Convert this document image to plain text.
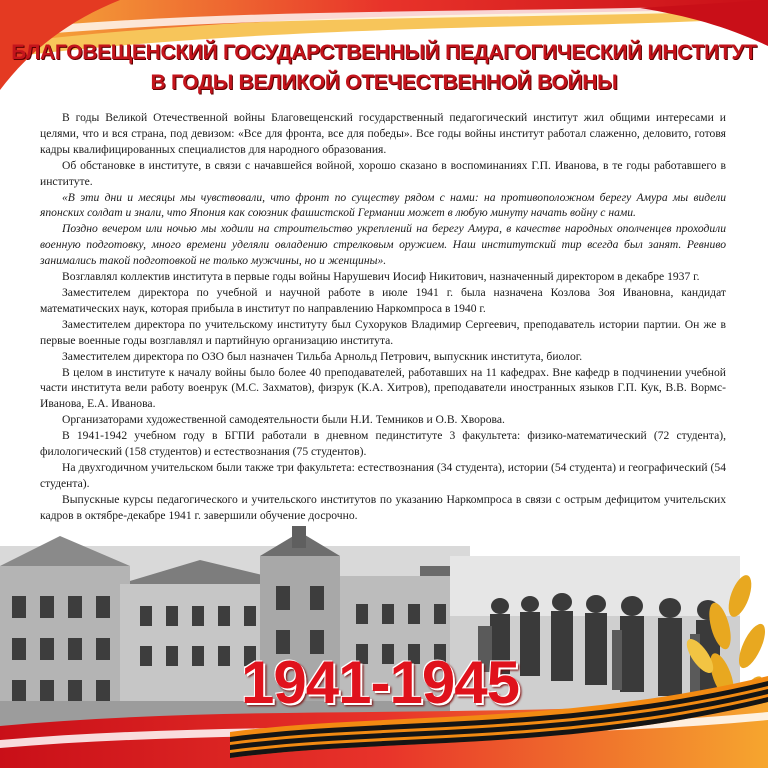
БЛАГОВЕЩЕНСКИЙ ГОСУДАРСТВЕННЫЙ ПЕДАГОГИЧЕСКИЙ ИНСТИТУТ
В ГОДЫ ВЕЛИКОЙ ОТЕЧЕСТВЕННОЙ ВОЙНЫ

В годы Великой Отечественной войны Благовещенский государственный педагогический институт жил общими интересами и целями, что и вся страна, под девизом: «Все для фронта, все для победы». Все годы войны институт работал слаженно, деловито, готовя кадры квалифицированных специалистов для народного образования.

Об обстановке в институте, в связи с начавшейся войной, хорошо сказано в воспоминаниях Г.П. Иванова, в те годы работавшего в институте.

«В эти дни и месяцы мы чувствовали, что фронт по существу рядом с нами: на противоположном берегу Амура мы видели японских солдат и знали, что Япония как союзник фашистской Германии может в любую минуту начать войну с нами.

Поздно вечером или ночью мы ходили на строительство укреплений на берегу Амура, в качестве народных ополченцев проходили военную подготовку, много времени уделяли овладению стрелковым оружием. Наш институтский тир всегда был занят. Ревниво занимались такой подготовкой не только мужчины, но и женщины».

Возглавлял коллектив института в первые годы войны Нарушевич Иосиф Никитович, назначенный директором в декабре 1937 г.

Заместителем директора по учебной и научной работе в июле 1941 г. была назначена Козлова Зоя Ивановна, кандидат математических наук, которая прибыла в институт по направлению Наркомпроса в 1940 г.

Заместителем директора по учительскому институту был Сухоруков Владимир Сергеевич, преподаватель истории партии. Он же в первые военные годы возглавлял и партийную организацию института.

Заместителем директора по ОЗО был назначен Тильба Арнольд Петрович, выпускник института, биолог.

В целом в институте к началу войны было более 40 преподавателей, работавших на 11 кафедрах. Вне кафедр в подчинении учебной части института вели работу военрук (М.С. Захматов), физрук (К.А. Хитров), преподаватели иностранных языков Г.П. Кук, В.В. Вормс-Иванова, Е.А. Иванова.

Организаторами художественной самодеятельности были Н.И. Темников и О.В. Хворова.

В 1941-1942 учебном году в БГПИ работали в дневном пединституте 3 факультета: физико-математический (72 студента), филологический (158 студентов) и естествознания (75 студентов).

На двухгодичном учительском были также три факультета: естествознания (34 студента), истории (54 студента) и географический (54 студента).

Выпускные курсы педагогического и учительского институтов по указанию Наркомпроса в связи с острым дефицитом учительских кадров в октябре-декабре 1941 г. завершили обучение досрочно.

1941-1945
